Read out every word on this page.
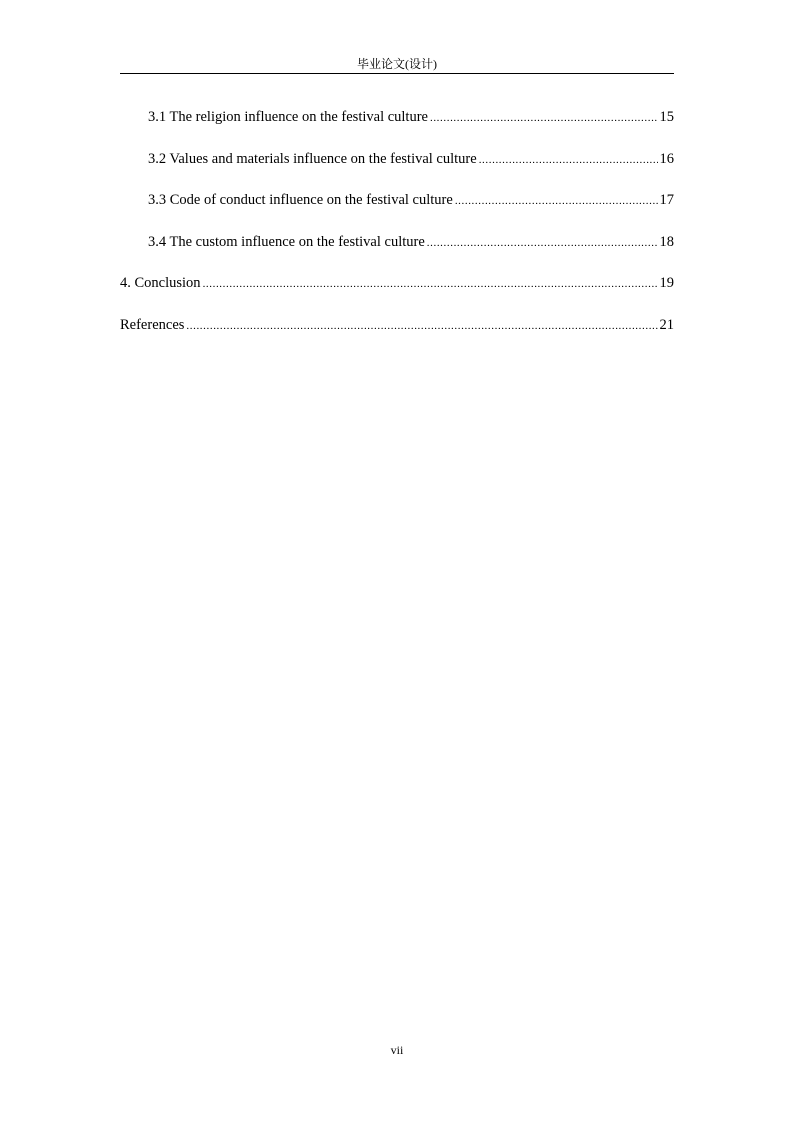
毕业论文(设计)
3.1 The religion influence on the festival culture .....	15
3.2 Values and materials influence on the festival culture .....	16
3.3 Code of conduct influence on the festival culture .....	17
3.4 The custom influence on the festival culture .....	18
4. Conclusion .....	19
References .....	21
vii
